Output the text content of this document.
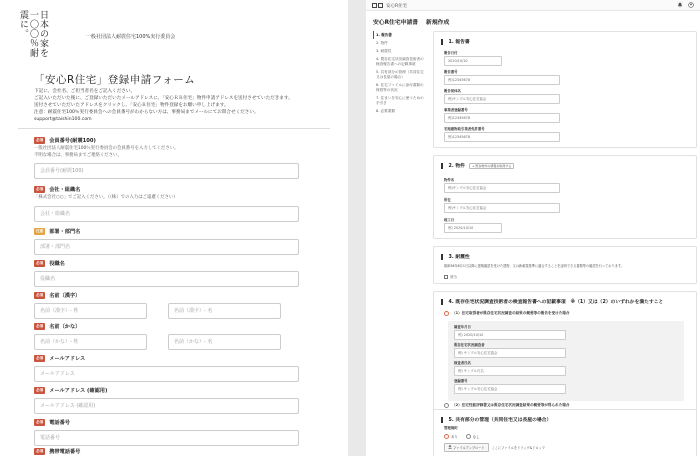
日本の家を一〇〇％耐震に。	一般社団法人耐震住宅100%実行委員会
「安心R住宅」登録申請フォーム
下記に、会社名、ご担当者名をご記入ください。
ご記入いただいた後に、ご登録いただいたメールアドレスに、「安心ＲＲ住宅」物件申請アドレスを送付させていただきます。
送付させていただいたアドレスをクリックし、「安心Ｒ住宅」物件登録をお願い申し上げます。
注意：耐震住宅100％実行委員会への会員番号がわからない方は、事務局までメールにてお問合せください。
support@taishin100.com
必須	会員番号(耐震100)
一般社団法人耐震住宅100％実行委員会の会員番号を入力してください。
不明な場合は、事務局までご連絡ください。
会員番号(耐震100)
必須	会社・組織名
「株式会社○○」でご記入ください。（（株）での入力はご遠慮ください）
会社・組織名
任意	部署・部門名
部署・部門名
必須	役職名
役職名
必須	名前（漢字）
名前（漢字）- 姓	名前（漢字）- 名
必須	名前（かな）
名前（かな）- 姓	名前（かな）- 名
必須	メールアドレス
メールアドレス
必須	メールアドレス (確認用)
メールアドレス (確認用)
必須	電話番号
電話番号
必須	携帯電話番号
安心R住宅
安心R住宅申請書 新規作成
1. 報告書
2. 物件
3. 耐震性
4. 既存住宅状況調査技術者の検査報告書への記載事項
5. 共有部分の管理（共同住宅又は長屋の場合）
6. 住宅ファイルに添付書類の保管等の状況
7. 住まいを安心に使うための手引き
8. 必要書類
1. 報告書
報告日付
2020/10/10
報告番号
例)12345678
報告団体名
例)サンプル安心住宅協会
事業者登録番号
例)12345678
宅地建物取引業者免許番号
例)12345678
2. 物件	+ 既存物件の情報を取得する
物件名
例)サンプル安心住宅協会
所在
例)サンプル安心住宅協会
竣工日
例) 2020/10/10
3. 耐震性
昭和56年6月1日以降に建築確認を受けた建物、又は新耐震基準に適合することを証明できる書類等の確認を行っております。
該当
4. 既存住宅状況調査技術者の検査報告書への記載事項　※（1）又は（2）のいずれかを満たすこと
（1）住宅取得者が既存住宅状況調査の結果の概要等の報告を受けた場合
調査年月日
例) 2020/10/10
既存住宅状況調査者
例) サンプル安心住宅協会
検査者氏名
例) サンプル氏名
登録番号
例) サンプル安心住宅協会
（2）住宅性能評価書又は既存住宅状況調査結果の概要等が得られた場合
5. 共有部分の管理（共同住宅又は長屋の場合）
管理規約
あり	なし
ファイルアップロード	ここにファイルをドラッグ&ドロップ
